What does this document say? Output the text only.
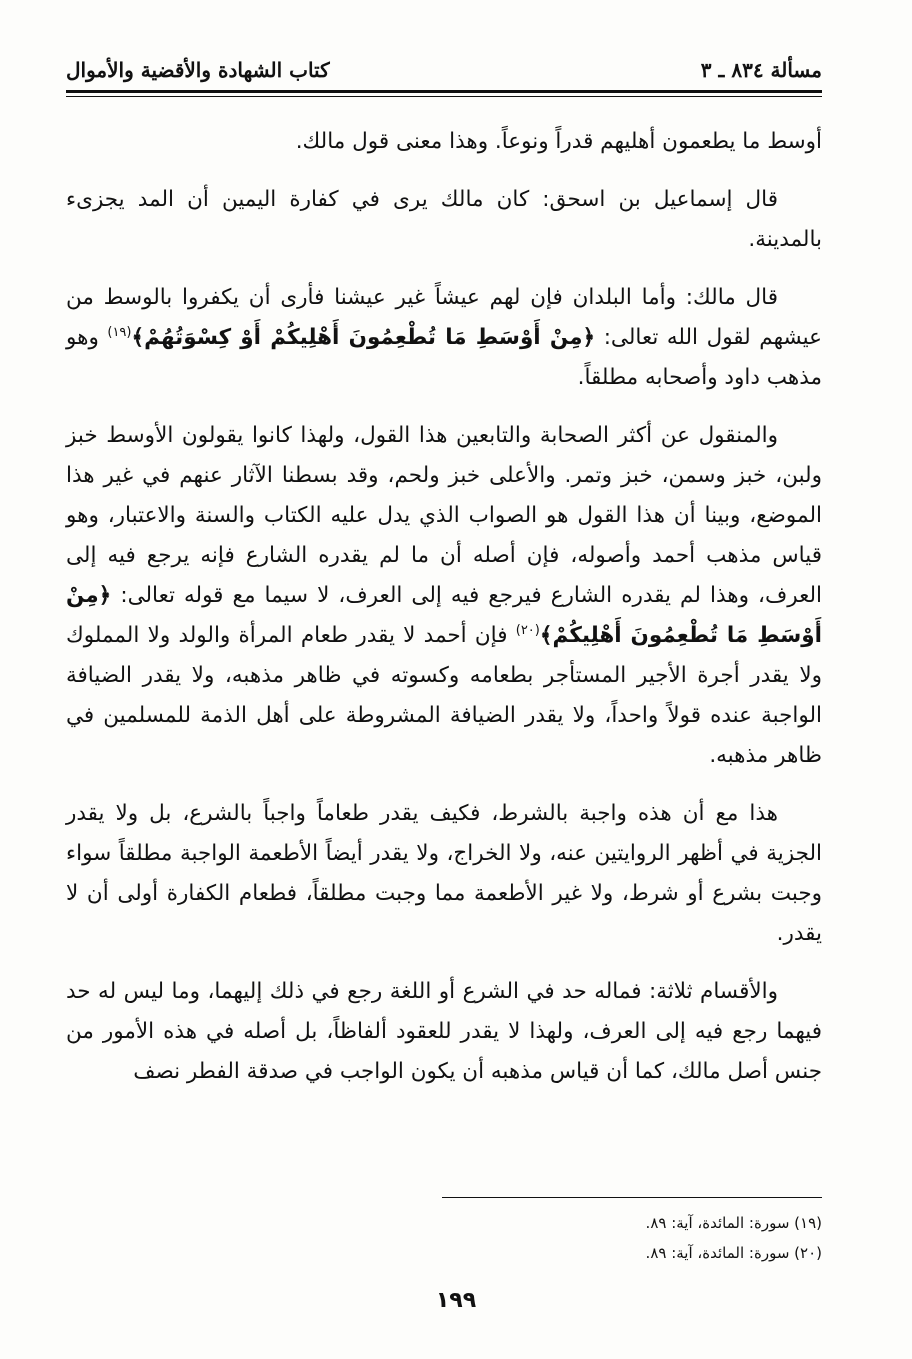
مسألة ٨٣٤ ـ ٣
كتاب الشهادة والأقضية والأموال

أوسط ما يطعمون أهليهم قدراً ونوعاً. وهذا معنى قول مالك.

قال إسماعيل بن اسحق: كان مالك يرى في كفارة اليمين أن المد يجزىء بالمدينة.

قال مالك: وأما البلدان فإن لهم عيشاً غير عيشنا فأرى أن يكفروا بالوسط من عيشهم لقول الله تعالى: ﴿مِنْ أَوْسَطِ مَا تُطْعِمُونَ أَهْلِيكُمْ أَوْ كِسْوَتُهُمْ﴾$^{(١٩)}$ وهو مذهب داود وأصحابه مطلقاً.

والمنقول عن أكثر الصحابة والتابعين هذا القول، ولهذا كانوا يقولون الأوسط خبز ولبن، خبز وسمن، خبز وتمر. والأعلى خبز ولحم، وقد بسطنا الآثار عنهم في غير هذا الموضع، وبينا أن هذا القول هو الصواب الذي يدل عليه الكتاب والسنة والاعتبار، وهو قياس مذهب أحمد وأصوله، فإن أصله أن ما لم يقدره الشارع فإنه يرجع فيه إلى العرف، وهذا لم يقدره الشارع فيرجع فيه إلى العرف، لا سيما مع قوله تعالى: ﴿مِنْ أَوْسَطِ مَا تُطْعِمُونَ أَهْلِيكُمْ﴾$^{(٢٠)}$ فإن أحمد لا يقدر طعام المرأة والولد ولا المملوك ولا يقدر أجرة الأجير المستأجر بطعامه وكسوته في ظاهر مذهبه، ولا يقدر الضيافة الواجبة عنده قولاً واحداً، ولا يقدر الضيافة المشروطة على أهل الذمة للمسلمين في ظاهر مذهبه.

هذا مع أن هذه واجبة بالشرط، فكيف يقدر طعاماً واجباً بالشرع، بل ولا يقدر الجزية في أظهر الروايتين عنه، ولا الخراج، ولا يقدر أيضاً الأطعمة الواجبة مطلقاً سواء وجبت بشرع أو شرط، ولا غير الأطعمة مما وجبت مطلقاً، فطعام الكفارة أولى أن لا يقدر.

والأقسام ثلاثة: فماله حد في الشرع أو اللغة رجع في ذلك إليهما، وما ليس له حد فيهما رجع فيه إلى العرف، ولهذا لا يقدر للعقود ألفاظاً، بل أصله في هذه الأمور من جنس أصل مالك، كما أن قياس مذهبه أن يكون الواجب في صدقة الفطر نصف

(١٩) سورة: المائدة، آية: ٨٩.

(٢٠) سورة: المائدة، آية: ٨٩.

١٩٩
